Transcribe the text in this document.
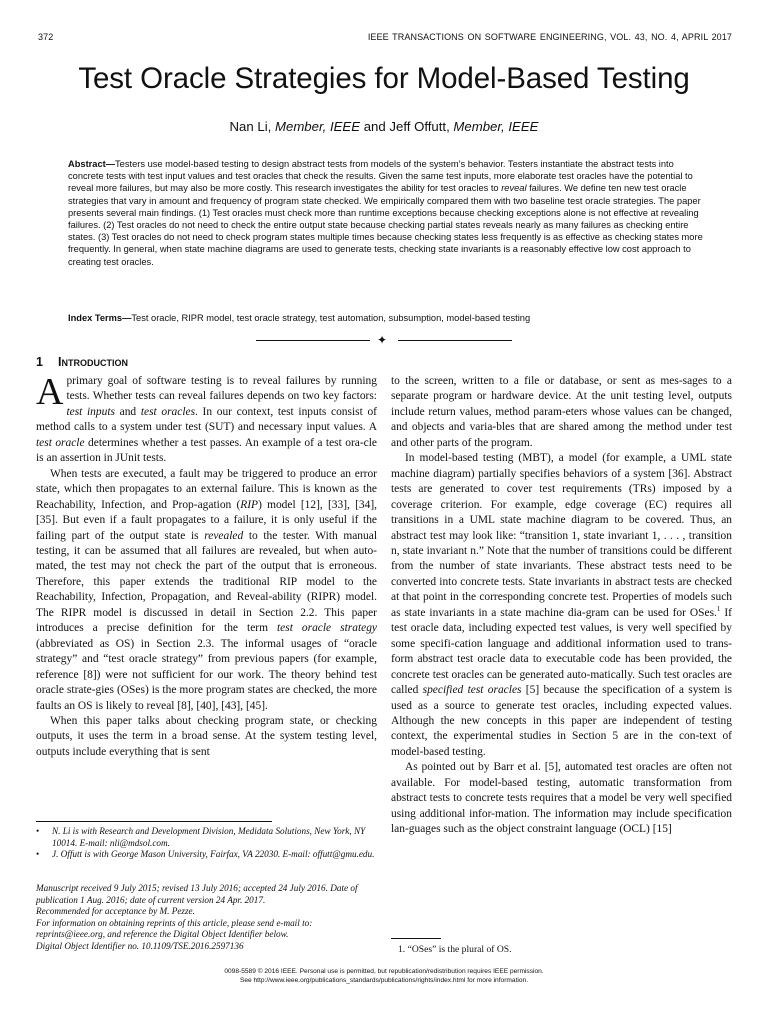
372	IEEE TRANSACTIONS ON SOFTWARE ENGINEERING, VOL. 43, NO. 4, APRIL 2017
Test Oracle Strategies for Model-Based Testing
Nan Li, Member, IEEE and Jeff Offutt, Member, IEEE

Abstract—Testers use model-based testing to design abstract tests from models of the system’s behavior. Testers instantiate the abstract tests into concrete tests with test input values and test oracles that check the results. Given the same test inputs, more elaborate test oracles have the potential to reveal more failures, but may also be more costly. This research investigates the ability for test oracles to reveal failures. We define ten new test oracle strategies that vary in amount and frequency of program state checked. We empirically compared them with two baseline test oracle strategies. The paper presents several main findings. (1) Test oracles must check more than runtime exceptions because checking exceptions alone is not effective at revealing failures. (2) Test oracles do not need to check the entire output state because checking partial states reveals nearly as many failures as checking entire states. (3) Test oracles do not need to check program states multiple times because checking states less frequently is as effective as checking states more frequently. In general, when state machine diagrams are used to generate tests, checking state invariants is a reasonably effective low cost approach to creating test oracles.

Index Terms—Test oracle, RIPR model, test oracle strategy, test automation, subsumption, model-based testing

✦
1 Introduction

A primary goal of software testing is to reveal failures by running tests. Whether tests can reveal failures depends on two key factors: test inputs and test oracles. In our context, test inputs consist of method calls to a system under test (SUT) and necessary input values. A test oracle determines whether a test passes. An example of a test ora-cle is an assertion in JUnit tests.

When tests are executed, a fault may be triggered to produce an error state, which then propagates to an external failure. This is known as the Reachability, Infection, and Prop-agation (RIP) model [12], [33], [34], [35]. But even if a fault propagates to a failure, it is only useful if the failing part of the output state is revealed to the tester. With manual testing, it can be assumed that all failures are revealed, but when auto-mated, the test may not check the part of the output that is erroneous. Therefore, this paper extends the traditional RIP model to the Reachability, Infection, Propagation, and Reveal-ability (RIPR) model. The RIPR model is discussed in detail in Section 2.2. This paper introduces a precise definition for the term test oracle strategy (abbreviated as OS) in Section 2.3. The informal usages of “oracle strategy” and “test oracle strategy” from previous papers (for example, reference [8]) were not sufficient for our work. The theory behind test oracle strate-gies (OSes) is the more program states are checked, the more faults an OS is likely to reveal [8], [40], [43], [45].

When this paper talks about checking program state, or checking outputs, it uses the term in a broad sense. At the system testing level, outputs include everything that is sent

to the screen, written to a file or database, or sent as mes-sages to a separate program or hardware device. At the unit testing level, outputs include return values, method param-eters whose values can be changed, and objects and varia-bles that are shared among the method under test and other parts of the program.

In model-based testing (MBT), a model (for example, a UML state machine diagram) partially specifies behaviors of a system [36]. Abstract tests are generated to cover test requirements (TRs) imposed by a coverage criterion. For example, edge coverage (EC) requires all transitions in a UML state machine diagram to be covered. Thus, an abstract test may look like: “transition 1, state invariant 1, . . . , transition n, state invariant n.” Note that the number of transitions could be different from the number of state invariants. These abstract tests need to be converted into concrete tests. State invariants in abstract tests are checked at that point in the corresponding concrete test. Properties of models such as state invariants in a state machine dia-gram can be used for OSes.$^1$ If test oracle data, including expected test values, is very well specified by some specifi-cation language and additional information used to trans-form abstract test oracle data to executable code has been provided, the concrete test oracles can be generated auto-matically. Such test oracles are called specified test oracles [5] because the specification of a system is used as a source to generate test oracles, including expected values. Although the new concepts in this paper are independent of testing context, the experimental studies in Section 5 are in the con-text of model-based testing.

As pointed out by Barr et al. [5], automated test oracles are often not available. For model-based testing, automatic transformation from abstract tests to concrete tests requires that a model be very well specified using additional infor-mation. The information may include specification lan-guages such as the object constraint language (OCL) [15]

• N. Li is with Research and Development Division, Medidata Solutions, New York, NY 10014. E-mail: nli@mdsol.com.
• J. Offutt is with George Mason University, Fairfax, VA 22030. E-mail: offutt@gmu.edu.
Manuscript received 9 July 2015; revised 13 July 2016; accepted 24 July 2016. Date of publication 1 Aug. 2016; date of current version 24 Apr. 2017.
Recommended for acceptance by M. Pezze.
For information on obtaining reprints of this article, please send e-mail to: reprints@ieee.org, and reference the Digital Object Identifier below.
Digital Object Identifier no. 10.1109/TSE.2016.2597136	1. “OSes” is the plural of OS.
0098-5589 © 2016 IEEE. Personal use is permitted, but republication/redistribution requires IEEE permission.
See http://www.ieee.org/publications_standards/publications/rights/index.html for more information.
